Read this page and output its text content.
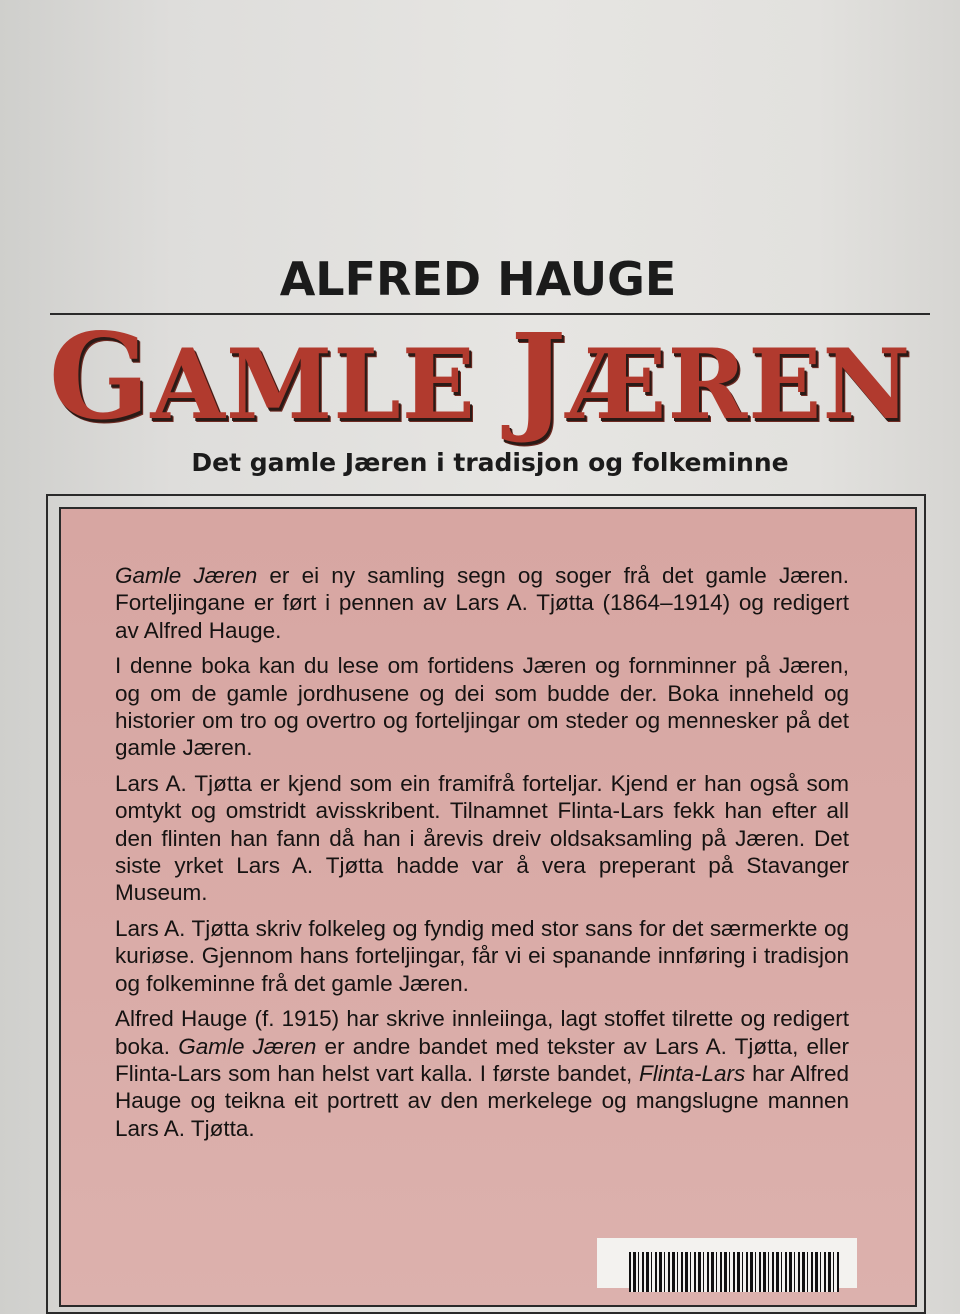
ALFRED HAUGE
GAMLE JÆREN
Det gamle Jæren i tradisjon og folkeminne

Gamle Jæren er ei ny samling segn og soger frå det gamle Jæren. Forteljingane er ført i pennen av Lars A. Tjøtta (1864–1914) og redigert av Alfred Hauge.

I denne boka kan du lese om fortidens Jæren og fornminner på Jæren, og om de gamle jordhusene og dei som budde der. Boka inneheld og historier om tro og overtro og forteljingar om steder og mennesker på det gamle Jæren.

Lars A. Tjøtta er kjend som ein framifrå forteljar. Kjend er han også som omtykt og omstridt avisskribent. Tilnamnet Flinta-Lars fekk han efter all den flinten han fann då han i årevis dreiv oldsaksamling på Jæren. Det siste yrket Lars A. Tjøtta hadde var å vera preperant på Stavanger Museum.

Lars A. Tjøtta skriv folkeleg og fyndig med stor sans for det særmerkte og kuriøse. Gjennom hans forteljingar, får vi ei spanande innføring i tradisjon og folkeminne frå det gamle Jæren.

Alfred Hauge (f. 1915) har skrive innleiinga, lagt stoffet tilrette og redigert boka. Gamle Jæren er andre bandet med tekster av Lars A. Tjøtta, eller Flinta-Lars som han helst vart kalla. I første bandet, Flinta-Lars har Alfred Hauge og teikna eit portrett av den merkelege og mangslugne mannen Lars A. Tjøtta.
